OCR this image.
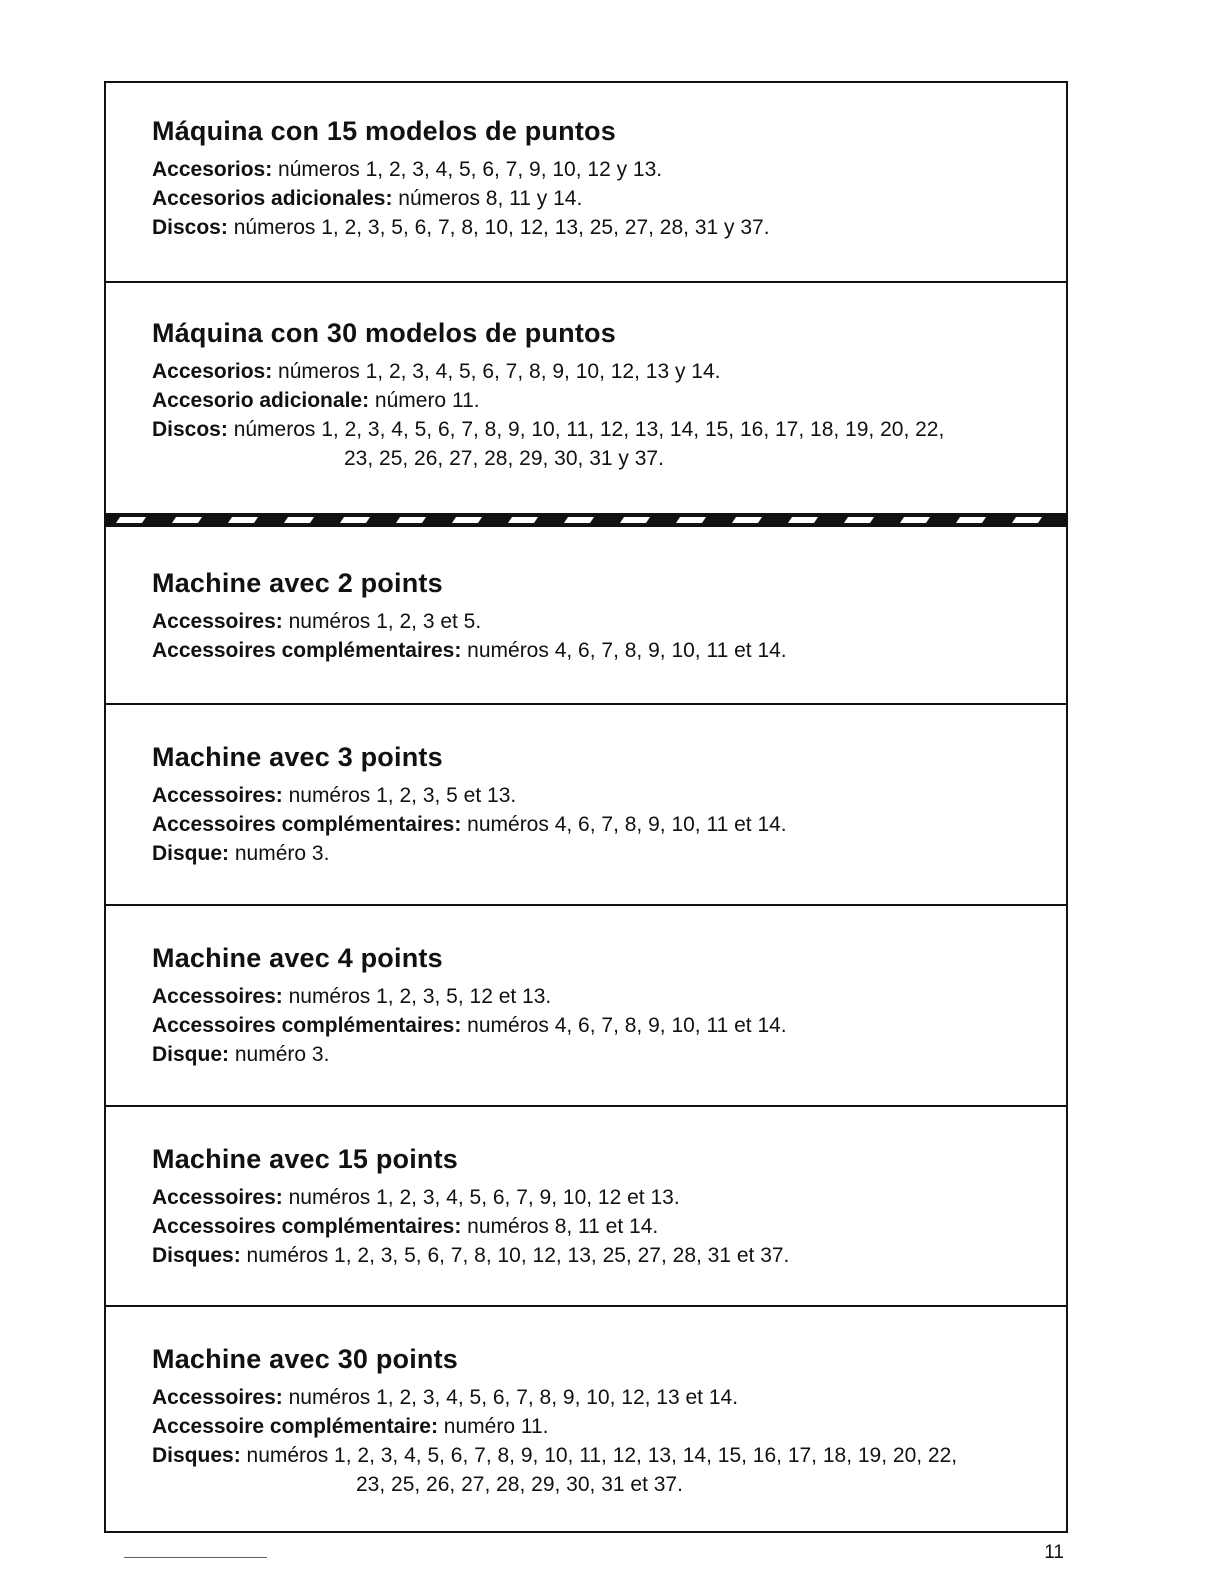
Máquina con 15 modelos de puntos
Accesorios: números 1, 2, 3, 4, 5, 6, 7, 9, 10, 12 y 13.
Accesorios adicionales: números 8, 11 y 14.
Discos: números 1, 2, 3, 5, 6, 7, 8, 10, 12, 13, 25, 27, 28, 31 y 37.
Máquina con 30 modelos de puntos
Accesorios: números 1, 2, 3, 4, 5, 6, 7, 8, 9, 10, 12, 13 y 14.
Accesorio adicionale: número 11.
Discos: números 1, 2, 3, 4, 5, 6, 7, 8, 9, 10, 11, 12, 13, 14, 15, 16, 17, 18, 19, 20, 22,
23, 25, 26, 27, 28, 29, 30, 31 y 37.
Machine avec 2 points
Accessoires: numéros 1, 2, 3 et 5.
Accessoires complémentaires: numéros 4, 6, 7, 8, 9, 10, 11 et 14.
Machine avec 3 points
Accessoires: numéros 1, 2, 3, 5 et 13.
Accessoires complémentaires: numéros 4, 6, 7, 8, 9, 10, 11 et 14.
Disque: numéro 3.
Machine avec 4 points
Accessoires: numéros 1, 2, 3, 5, 12 et 13.
Accessoires complémentaires: numéros 4, 6, 7, 8, 9, 10, 11 et 14.
Disque: numéro 3.
Machine avec 15 points
Accessoires: numéros 1, 2, 3, 4, 5, 6, 7, 9, 10, 12 et 13.
Accessoires complémentaires: numéros 8, 11 et 14.
Disques: numéros 1, 2, 3, 5, 6, 7, 8, 10, 12, 13, 25, 27, 28, 31 et 37.
Machine avec 30 points
Accessoires: numéros 1, 2, 3, 4, 5, 6, 7, 8, 9, 10, 12, 13 et 14.
Accessoire complémentaire: numéro 11.
Disques: numéros 1, 2, 3, 4, 5, 6, 7, 8, 9, 10, 11, 12, 13, 14, 15, 16, 17, 18, 19, 20, 22,
23, 25, 26, 27, 28, 29, 30, 31 et 37.
11
